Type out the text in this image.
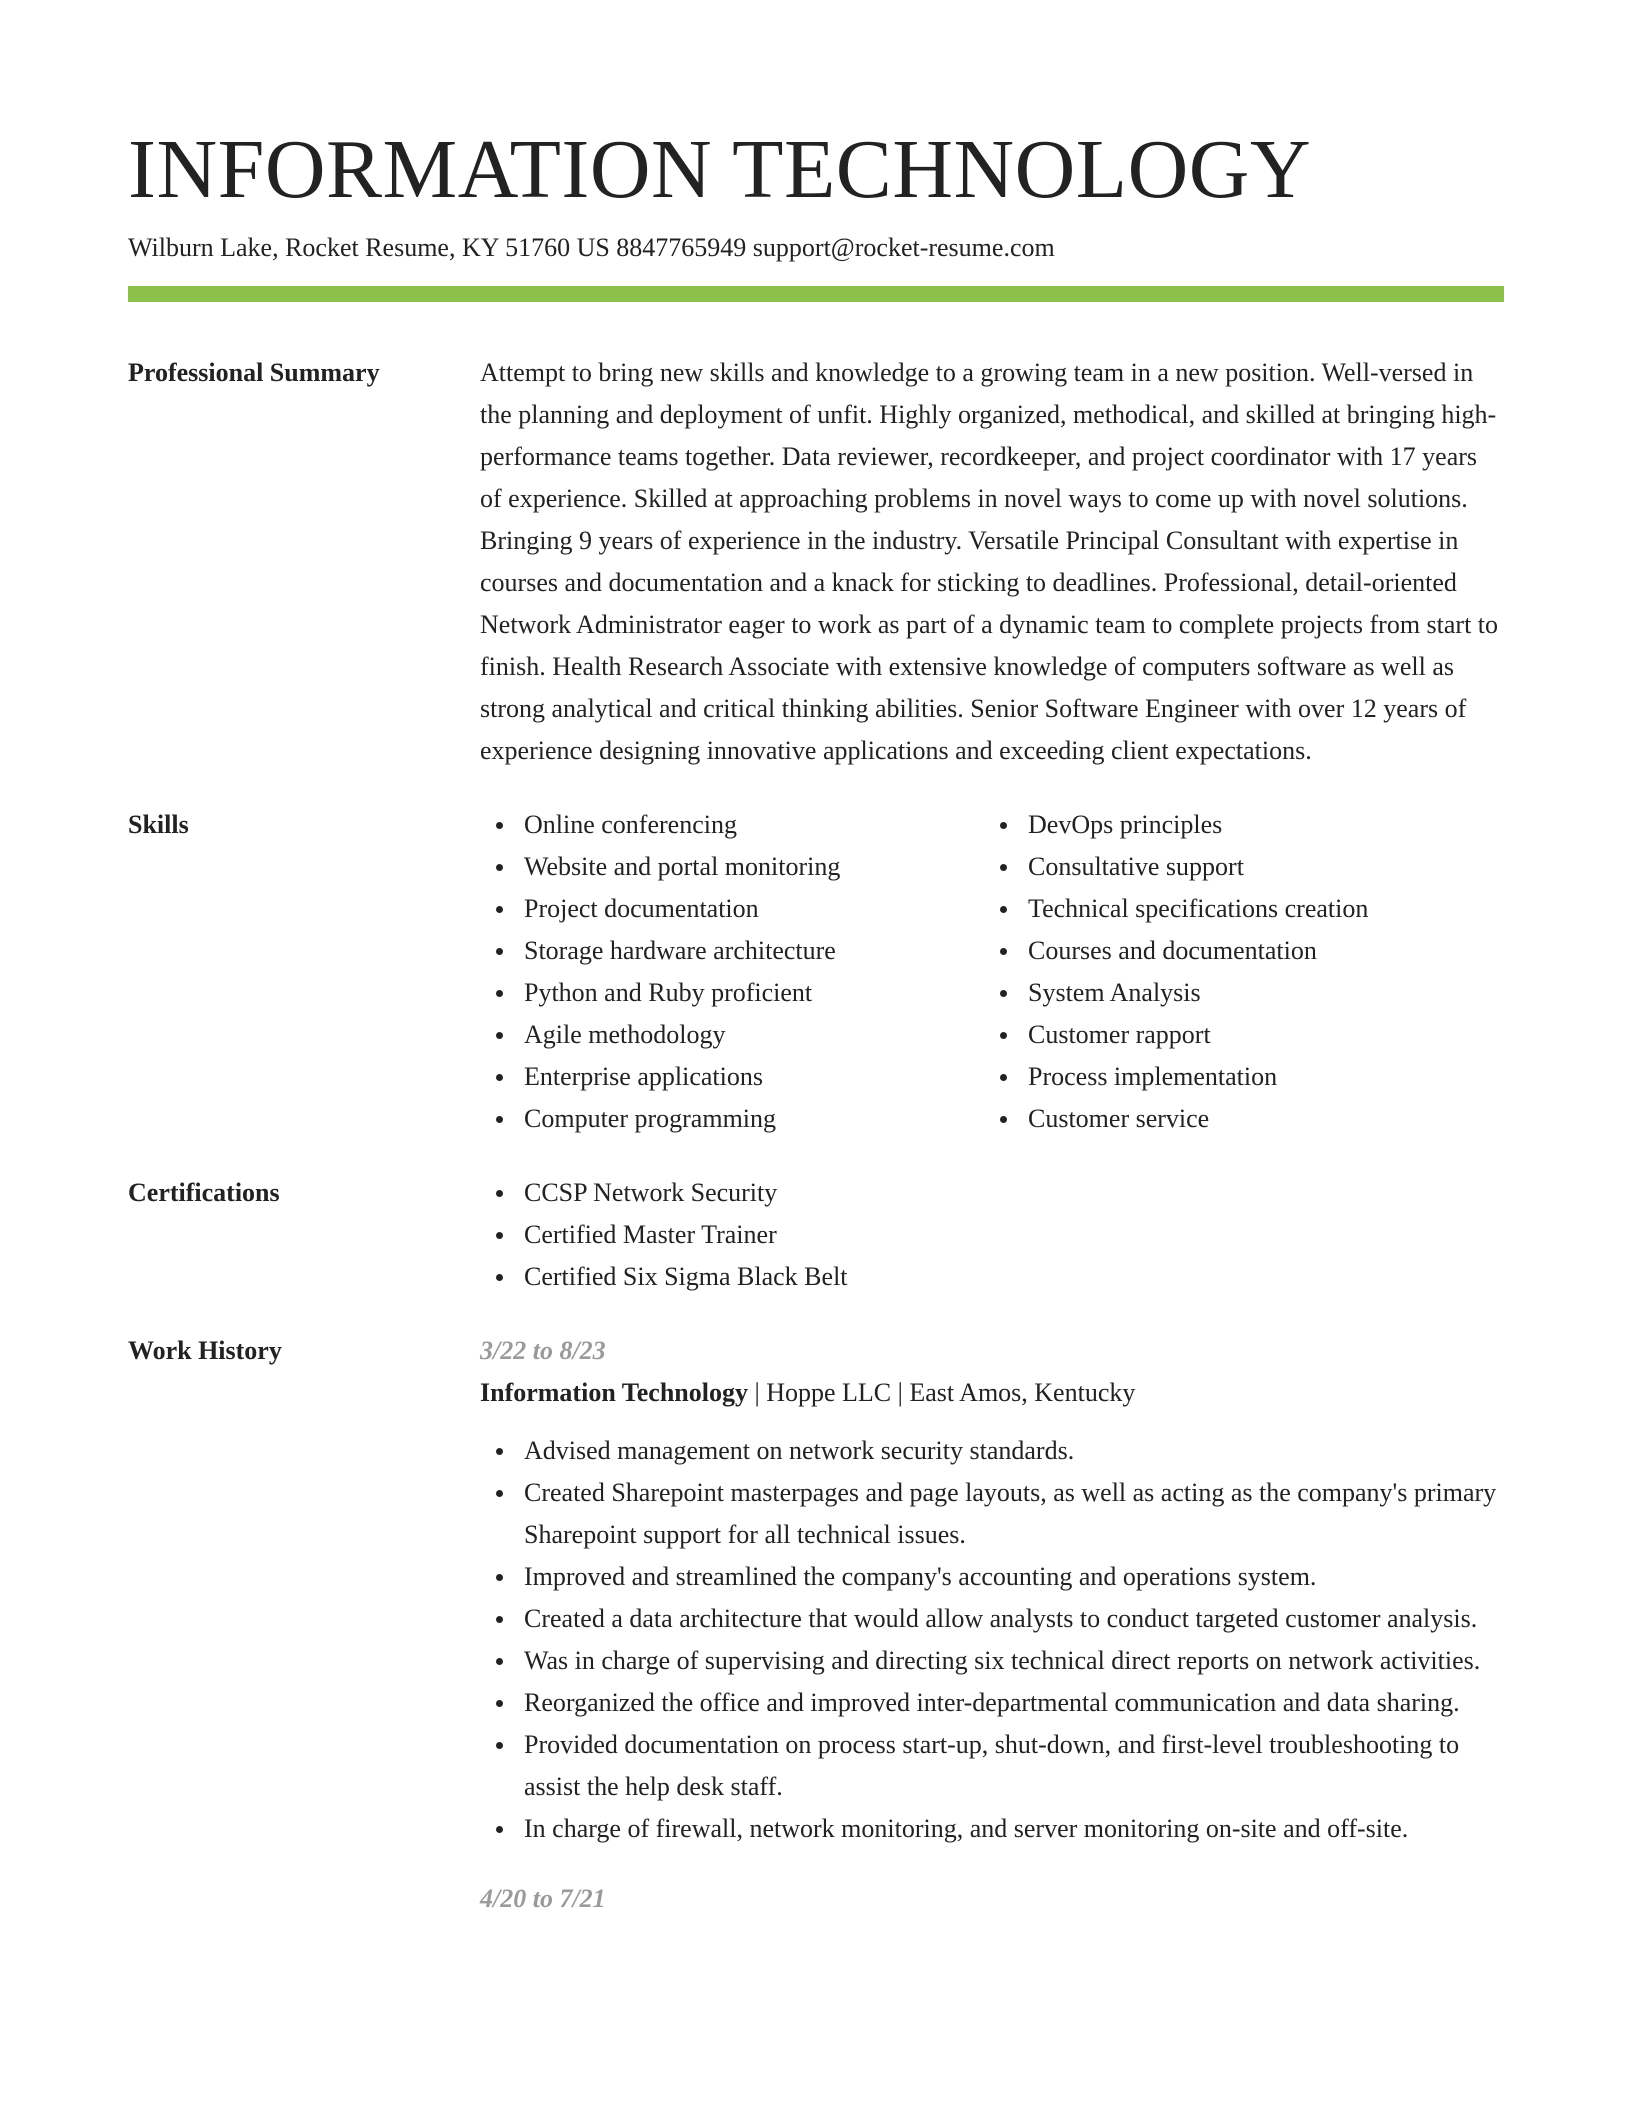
INFORMATION TECHNOLOGY
Wilburn Lake, Rocket Resume, KY 51760 US 8847765949 support@rocket-resume.com
Professional Summary	Attempt to bring new skills and knowledge to a growing team in a new position. Well-versed in the planning and deployment of unfit. Highly organized, methodical, and skilled at bringing high-performance teams together. Data reviewer, recordkeeper, and project coordinator with 17 years of experience. Skilled at approaching problems in novel ways to come up with novel solutions. Bringing 9 years of experience in the industry. Versatile Principal Consultant with expertise in courses and documentation and a knack for sticking to deadlines. Professional, detail-oriented Network Administrator eager to work as part of a dynamic team to complete projects from start to finish. Health Research Associate with extensive knowledge of computers software as well as strong analytical and critical thinking abilities. Senior Software Engineer with over 12 years of experience designing innovative applications and exceeding client expectations.
Skills	Online conferencing
Website and portal monitoring
Project documentation
Storage hardware architecture
Python and Ruby proficient
Agile methodology
Enterprise applications
Computer programming
DevOps principles
Consultative support
Technical specifications creation
Courses and documentation
System Analysis
Customer rapport
Process implementation
Customer service
Certifications	CCSP Network Security
Certified Master Trainer
Certified Six Sigma Black Belt
Work History	3/22 to 8/23
Information Technology | Hoppe LLC | East Amos, Kentucky
Advised management on network security standards.
Created Sharepoint masterpages and page layouts, as well as acting as the company's primary Sharepoint support for all technical issues.
Improved and streamlined the company's accounting and operations system.
Created a data architecture that would allow analysts to conduct targeted customer analysis.
Was in charge of supervising and directing six technical direct reports on network activities.
Reorganized the office and improved inter-departmental communication and data sharing.
Provided documentation on process start-up, shut-down, and first-level troubleshooting to assist the help desk staff.
In charge of firewall, network monitoring, and server monitoring on-site and off-site.
4/20 to 7/21
